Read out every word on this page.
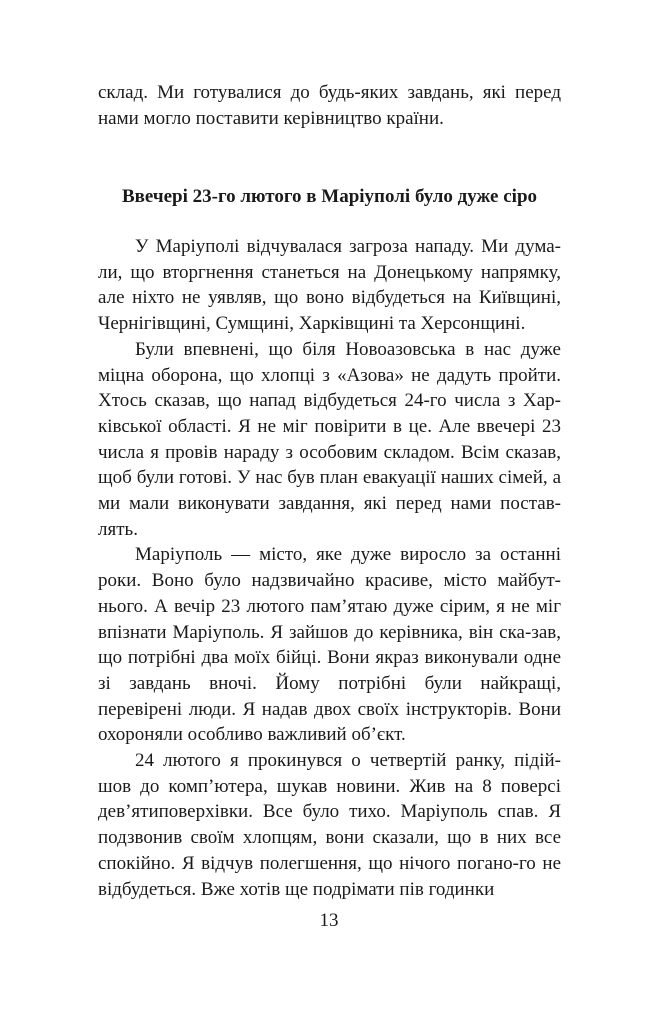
склад. Ми готувалися до будь-яких завдань, які перед нами могло поставити керівництво країни.

Ввечері 23-го лютого в Маріуполі було дуже сіро

У Маріуполі відчувалася загроза нападу. Ми дума-ли, що вторгнення станеться на Донецькому напрямку, але ніхто не уявляв, що воно відбудеться на Київщині, Чернігівщині, Сумщині, Харківщині та Херсонщині.

Були впевнені, що біля Новоазовська в нас дуже міцна оборона, що хлопці з «Азова» не дадуть пройти. Хтось сказав, що напад відбудеться 24-го числа з Хар-ківської області. Я не міг повірити в це. Але ввечері 23 числа я провів нараду з особовим складом. Всім сказав, щоб були готові. У нас був план евакуації наших сімей, а ми мали виконувати завдання, які перед нами постав-лять.

Маріуполь — місто, яке дуже виросло за останні роки. Воно було надзвичайно красиве, місто майбут-нього. А вечір 23 лютого пам’ятаю дуже сірим, я не міг впізнати Маріуполь. Я зайшов до керівника, він ска-зав, що потрібні два моїх бійці. Вони якраз виконували одне зі завдань вночі. Йому потрібні були найкращі, перевірені люди. Я надав двох своїх інструкторів. Вони охороняли особливо важливий об’єкт.

24 лютого я прокинувся о четвертій ранку, підій-шов до комп’ютера, шукав новини. Жив на 8 поверсі дев’ятиповерхівки. Все було тихо. Маріуполь спав. Я подзвонив своїм хлопцям, вони сказали, що в них все спокійно. Я відчув полегшення, що нічого погано-го не відбудеться. Вже хотів ще подрімати пів годинки

13
